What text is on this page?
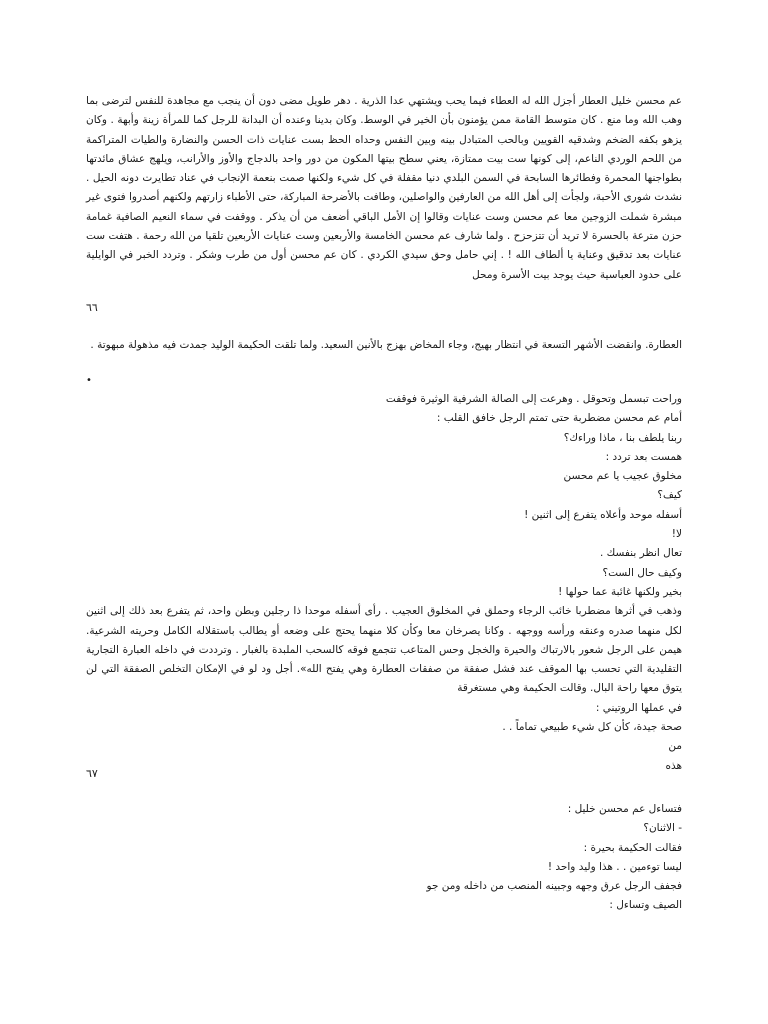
عم محسن خليل العطار أجزل الله له العطاء فيما يحب ويشتهي عدا الذرية . دهر طويل مضى دون أن ينجب مع مجاهدة للنفس لترضى بما وهب الله وما منع . كان متوسط القامة ممن يؤمنون بأن الخير في الوسط. وكان بدينا وعنده أن البدانة للرجل كما للمرأة زينة وأبهة . وكان يزهو بكفه الضخم وشدقيه القويين وبالحب المتبادل بينه وبين النفس وحداه الحظ بست عنايات ذات الحسن والنضارة والطيات المتراكمة من اللحم الوردي الناعم، إلى كونها ست بيت ممتازة، يعني سطح بيتها المكون من دور واحد بالدجاج والأوز والأرانب، ويلهج عشاق مائدتها بطواجنها المحمرة وفطائرها السابحة في السمن البلدي دنيا مقفلة في كل شيء ولكنها صمت بنعمة الإنجاب في عناد تطايرت دونه الحيل . نشدت شورى الأحبة، ولجأت إلى أهل الله من العارفين والواصلين، وطافت بالأضرحة المباركة، حتى الأطباء زارتهم ولكنهم أصدروا فتوى غير مبشرة شملت الزوجين معا عم محسن وست عنايات وقالوا إن الأمل الباقي أضعف من أن يذكر . ووقفت في سماء النعيم الصافية غمامة حزن مترعة بالحسرة لا تريد أن تتزحزح . ولما شارف عم محسن الخامسة والأربعين وست عنايات الأربعين تلقيا من الله رحمة . هتفت ست عنايات بعد تدقيق وعناية يا ألطاف الله ! . إني حامل وحق سيدي الكردي . كان عم محسن أول من طرب وشكر . وتردد الخبر في الوايلية على حدود العباسية حيث يوجد بيت الأسرة ومحل

٦٦

العطارة. وانقضت الأشهر التسعة في انتظار بهيج، وجاء المخاض بهزج بالأنين السعيد. ولما تلقت الحكيمة الوليد جمدت فيه مذهولة مبهوتة .

•

وراحت تبسمل وتحوقل . وهرعت إلى الصالة الشرفية الوثيرة فوقفت

أمام عم محسن مضطربة حتى تمتم الرجل خافق القلب :

ربنا يلطف بنا ، ماذا وراءك؟

همست بعد تردد :

مخلوق عجيب يا عم محسن

كيف؟

أسفله موحد وأعلاه يتفرع إلى اثنين !

لا!

تعال انظر بنفسك .

وكيف حال الست؟

بخير ولكنها غائبة عما حولها !

وذهب في أثرها مضطربا خائب الرجاء وحملق في المخلوق العجيب . رأى أسفله موحدا ذا رجلين وبطن واحد، ثم يتفرع بعد ذلك إلى اثنين لكل منهما صدره وعنقه ورأسه ووجهه . وكانا يصرخان معا وكأن كلا منهما يحتج على وضعه أو يطالب باستقلاله الكامل وحريته الشرعية. هيمن على الرجل شعور بالارتباك والحيرة والخجل وحس المتاعب تتجمع فوقه كالسحب الملبدة بالغبار . وترددت في داخله العبارة التجارية التقليدية التي تحسب بها الموقف عند فشل صفقة من صفقات العطارة وهي يفتح الله». أجل ود لو في الإمكان التخلص الصفقة التي لن يتوق معها راحة البال. وقالت الحكيمة وهي مستغرقة

في عملها الروتيني :

صحة جيدة، كأن كل شيء طبيعي تماماً . .

من

هذه

٦٧

فتساءل عم محسن خليل :

- الاثنان؟

فقالت الحكيمة بحيرة :

ليسا توءمين . . هذا وليد واحد !

فجفف الرجل عرق وجهه وجبينه المنصب من داخله ومن جو

الصيف وتساءل :
